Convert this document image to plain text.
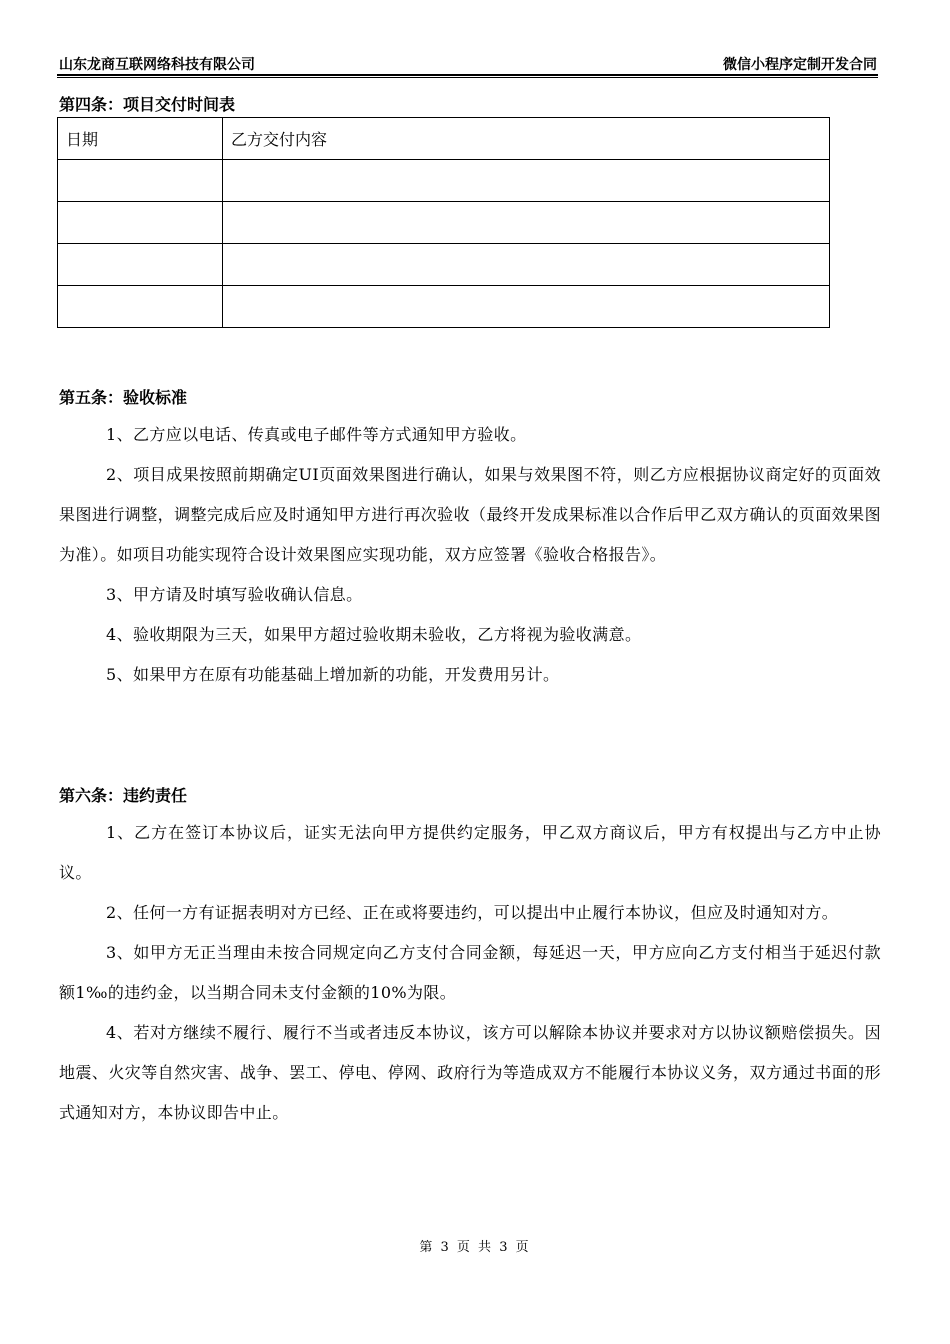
山东龙商互联网络科技有限公司	微信小程序定制开发合同
第四条：项目交付时间表
日期	乙方交付内容

第五条：验收标准

1、乙方应以电话、传真或电子邮件等方式通知甲方验收。

2、项目成果按照前期确定UI页面效果图进行确认，如果与效果图不符，则乙方应根据协议商定好的页面效果图进行调整，调整完成后应及时通知甲方进行再次验收（最终开发成果标准以合作后甲乙双方确认的页面效果图为准）。如项目功能实现符合设计效果图应实现功能，双方应签署《验收合格报告》。

3、甲方请及时填写验收确认信息。

4、验收期限为三天，如果甲方超过验收期未验收，乙方将视为验收满意。

5、如果甲方在原有功能基础上增加新的功能，开发费用另计。

第六条：违约责任

1、乙方在签订本协议后，证实无法向甲方提供约定服务，甲乙双方商议后，甲方有权提出与乙方中止协议。

2、任何一方有证据表明对方已经、正在或将要违约，可以提出中止履行本协议，但应及时通知对方。

3、如甲方无正当理由未按合同规定向乙方支付合同金额，每延迟一天，甲方应向乙方支付相当于延迟付款额1‰的违约金，以当期合同未支付金额的10%为限。

4、若对方继续不履行、履行不当或者违反本协议，该方可以解除本协议并要求对方以协议额赔偿损失。因地震、火灾等自然灾害、战争、罢工、停电、停网、政府行为等造成双方不能履行本协议义务，双方通过书面的形式通知对方，本协议即告中止。

第 3 页 共 3 页
